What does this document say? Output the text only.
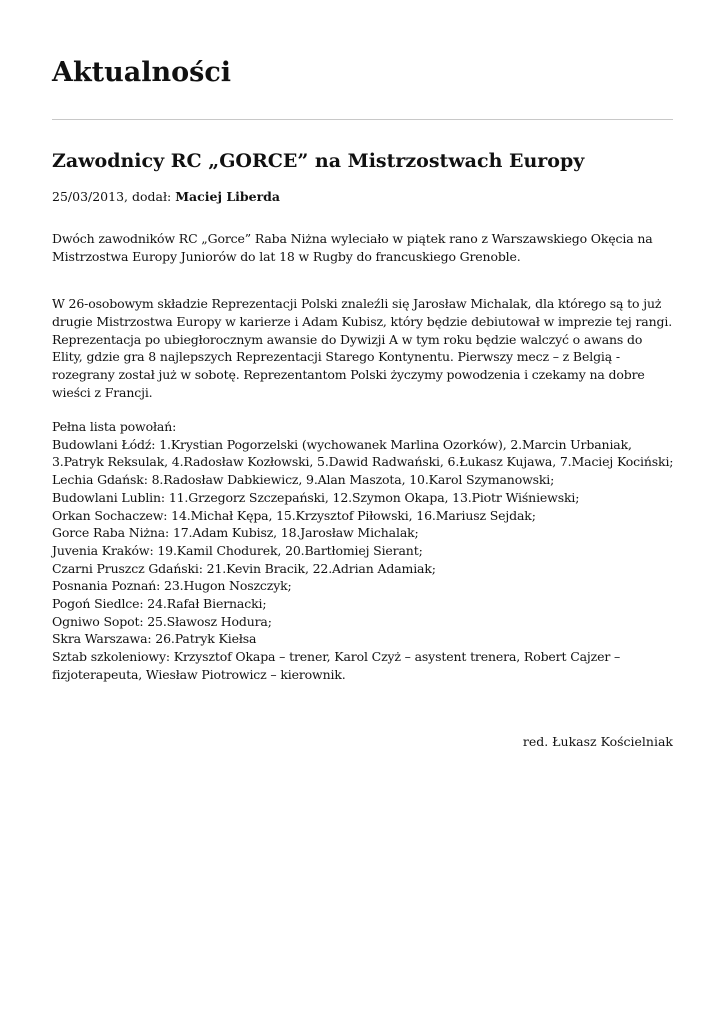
Aktualności
Zawodnicy RC „GORCE” na Mistrzostwach Europy
25/03/2013, dodał: Maciej Liberda

Dwóch zawodników RC „Gorce” Raba Niżna wyleciało w piątek rano z Warszawskiego Okęcia na Mistrzostwa Europy Juniorów do lat 18 w Rugby do francuskiego Grenoble.

W 26-osobowym składzie Reprezentacji Polski znaleźli się Jarosław Michalak, dla którego są to już drugie Mistrzostwa Europy w karierze i Adam Kubisz, który będzie debiutował w imprezie tej rangi. Reprezentacja po ubiegłorocznym awansie do Dywizji A w tym roku będzie walczyć o awans do Elity, gdzie gra 8 najlepszych Reprezentacji Starego Kontynentu. Pierwszy mecz – z Belgią - rozegrany został już w sobotę. Reprezentantom Polski życzymy powodzenia i czekamy na dobre wieści z Francji.

Pełna lista powołań:
Budowlani Łódź: 1.Krystian Pogorzelski (wychowanek Marlina Ozorków), 2.Marcin Urbaniak,
3.Patryk Reksulak, 4.Radosław Kozłowski, 5.Dawid Radwański, 6.Łukasz Kujawa, 7.Maciej Kociński;
Lechia Gdańsk: 8.Radosław Dabkiewicz, 9.Alan Maszota, 10.Karol Szymanowski;
Budowlani Lublin: 11.Grzegorz Szczepański, 12.Szymon Okapa, 13.Piotr Wiśniewski;
Orkan Sochaczew: 14.Michał Kępa, 15.Krzysztof Piłowski, 16.Mariusz Sejdak;
Gorce Raba Niżna: 17.Adam Kubisz, 18.Jarosław Michalak;
Juvenia Kraków: 19.Kamil Chodurek, 20.Bartłomiej Sierant;
Czarni Pruszcz Gdański: 21.Kevin Bracik, 22.Adrian Adamiak;
Posnania Poznań: 23.Hugon Noszczyk;
Pogoń Siedlce: 24.Rafał Biernacki;
Ogniwo Sopot: 25.Sławosz Hodura;
Skra Warszawa: 26.Patryk Kiełsa
Sztab szkoleniowy: Krzysztof Okapa – trener, Karol Czyż – asystent trenera, Robert Cajzer –
fizjoterapeuta, Wiesław Piotrowicz – kierownik.
red. Łukasz Kościelniak
